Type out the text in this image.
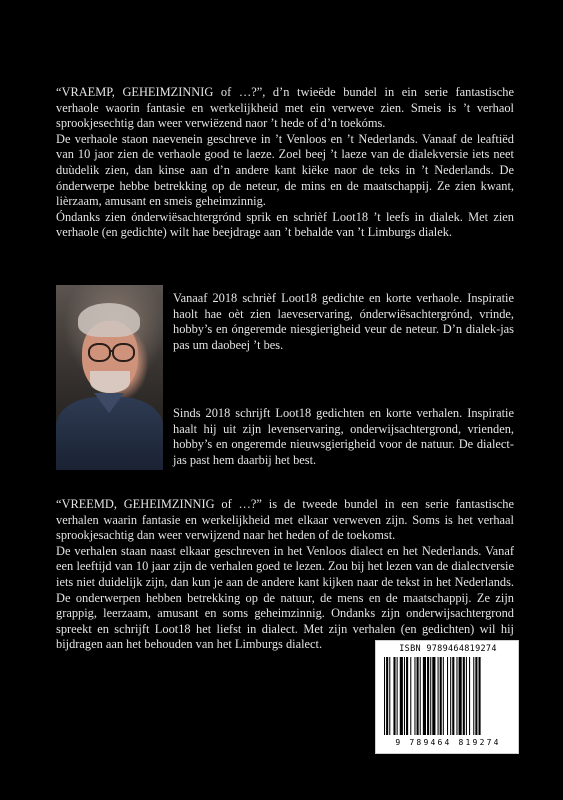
“VRAEMP, GEHEIMZINNIG of …?”, d’n twieëde bundel in ein serie fantastische verhaole waorin fantasie en werkelijkheid met ein verweve zien. Smeis is ’t verhaol sprookjesechtig dan weer verwiëzend naor ’t hede of d’n toekóms.

De verhaole staon naevenein geschreve in ’t Venloos en ’t Nederlands. Vanaaf de leaftiëd van 10 jaor zien de verhaole good te laeze. Zoel beej ’t laeze van de dialekversie iets neet duùdelik zien, dan kinse aan d’n andere kant kiëke naor de teks in ’t Nederlands. De ónderwerpe hebbe betrekking op de neteur, de mins en de maatschappij. Ze zien kwant, lièrzaam, amusant en smeis geheimzinnig.

Óndanks zien ónderwiësachtergrónd sprik en schrièf Loot18 ’t leefs in dialek. Met zien verhaole (en gedichte) wilt hae beejdrage aan ’t behalde van ’t Limburgs dialek.

Vanaaf 2018 schrièf Loot18 gedichte en korte verhaole. Inspiratie haolt hae oèt zien laeveservaring, ónderwiësachtergrónd, vrinde, hobby’s en óngeremde niesgierigheid veur de neteur. D’n dialek-jas pas um daobeej ’t bes.

Sinds 2018 schrijft Loot18 gedichten en korte verhalen. Inspiratie haalt hij uit zijn levenservaring, onderwijsachtergrond, vrienden, hobby’s en ongeremde nieuwsgierigheid voor de natuur. De dialect-jas past hem daarbij het best.

“VREEMD, GEHEIMZINNIG of …?” is de tweede bundel in een serie fantastische verhalen waarin fantasie en werkelijkheid met elkaar verweven zijn. Soms is het verhaal sprookjesachtig dan weer verwijzend naar het heden of de toekomst.

De verhalen staan naast elkaar geschreven in het Venloos dialect en het Nederlands. Vanaf een leeftijd van 10 jaar zijn de verhalen goed te lezen. Zou bij het lezen van de dialectversie iets niet duidelijk zijn, dan kun je aan de andere kant kijken naar de tekst in het Nederlands. De onderwerpen hebben betrekking op de natuur, de mens en de maatschappij. Ze zijn grappig, leerzaam, amusant en soms geheimzinnig. Ondanks zijn onderwijsachtergrond spreekt en schrijft Loot18 het liefst in dialect. Met zijn verhalen (en gedichten) wil hij bijdragen aan het behouden van het Limburgs dialect.	ISBN 9789464819274
9 789464 819274
